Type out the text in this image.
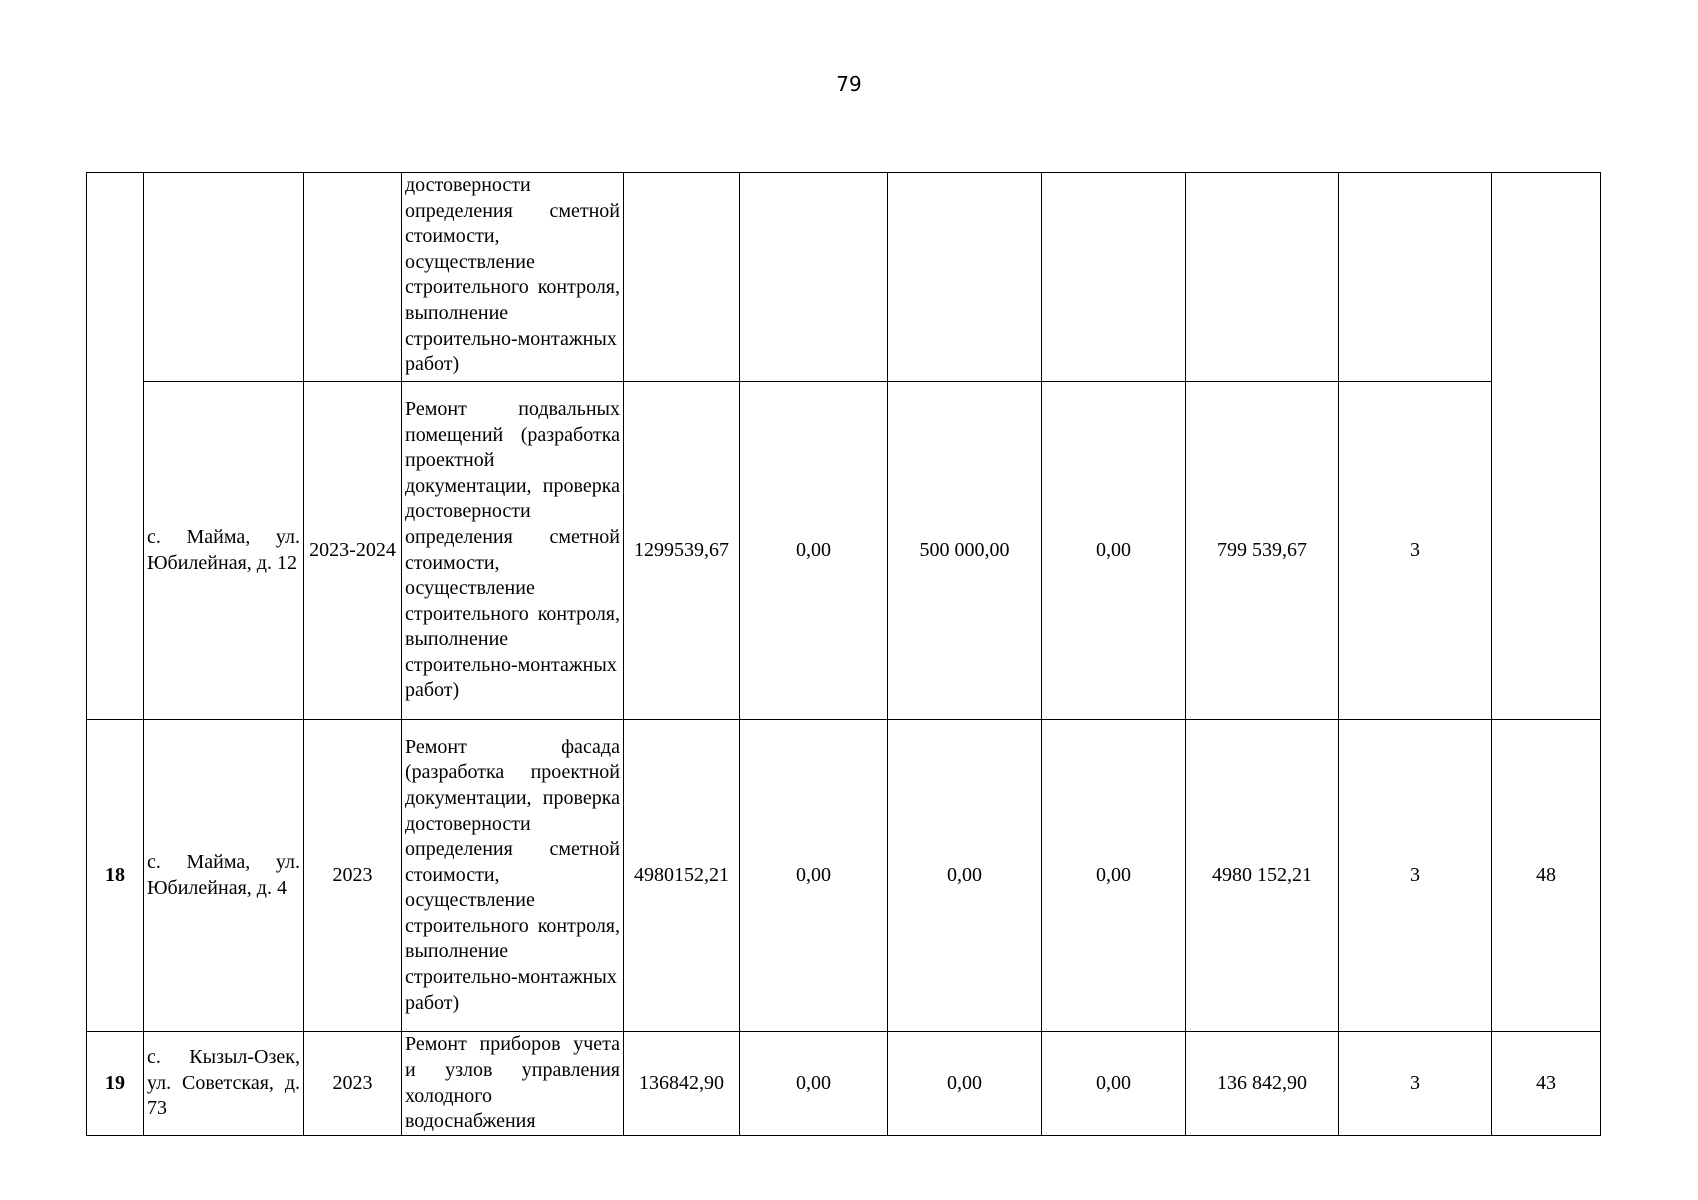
79
			достоверности определения сметной стоимости, осуществление строительного контроля, выполнение строительно-монтажных работ)							
	с. Майма, ул. Юбилейная, д. 12	2023-2024	Ремонт подвальных помещений (разработка проектной документации, проверка достоверности определения сметной стоимости, осуществление строительного контроля, выполнение строительно-монтажных работ)	1299539,67	0,00	500 000,00	0,00	799 539,67	3	
18	с. Майма, ул. Юбилейная, д. 4	2023	Ремонт фасада (разработка проектной документации, проверка достоверности определения сметной стоимости, осуществление строительного контроля, выполнение строительно-монтажных работ)	4980152,21	0,00	0,00	0,00	4980 152,21	3	48
19	с. Кызыл-Озек, ул. Советская, д. 73	2023	Ремонт приборов учета и узлов управления холодного водоснабжения	136842,90	0,00	0,00	0,00	136 842,90	3	43
